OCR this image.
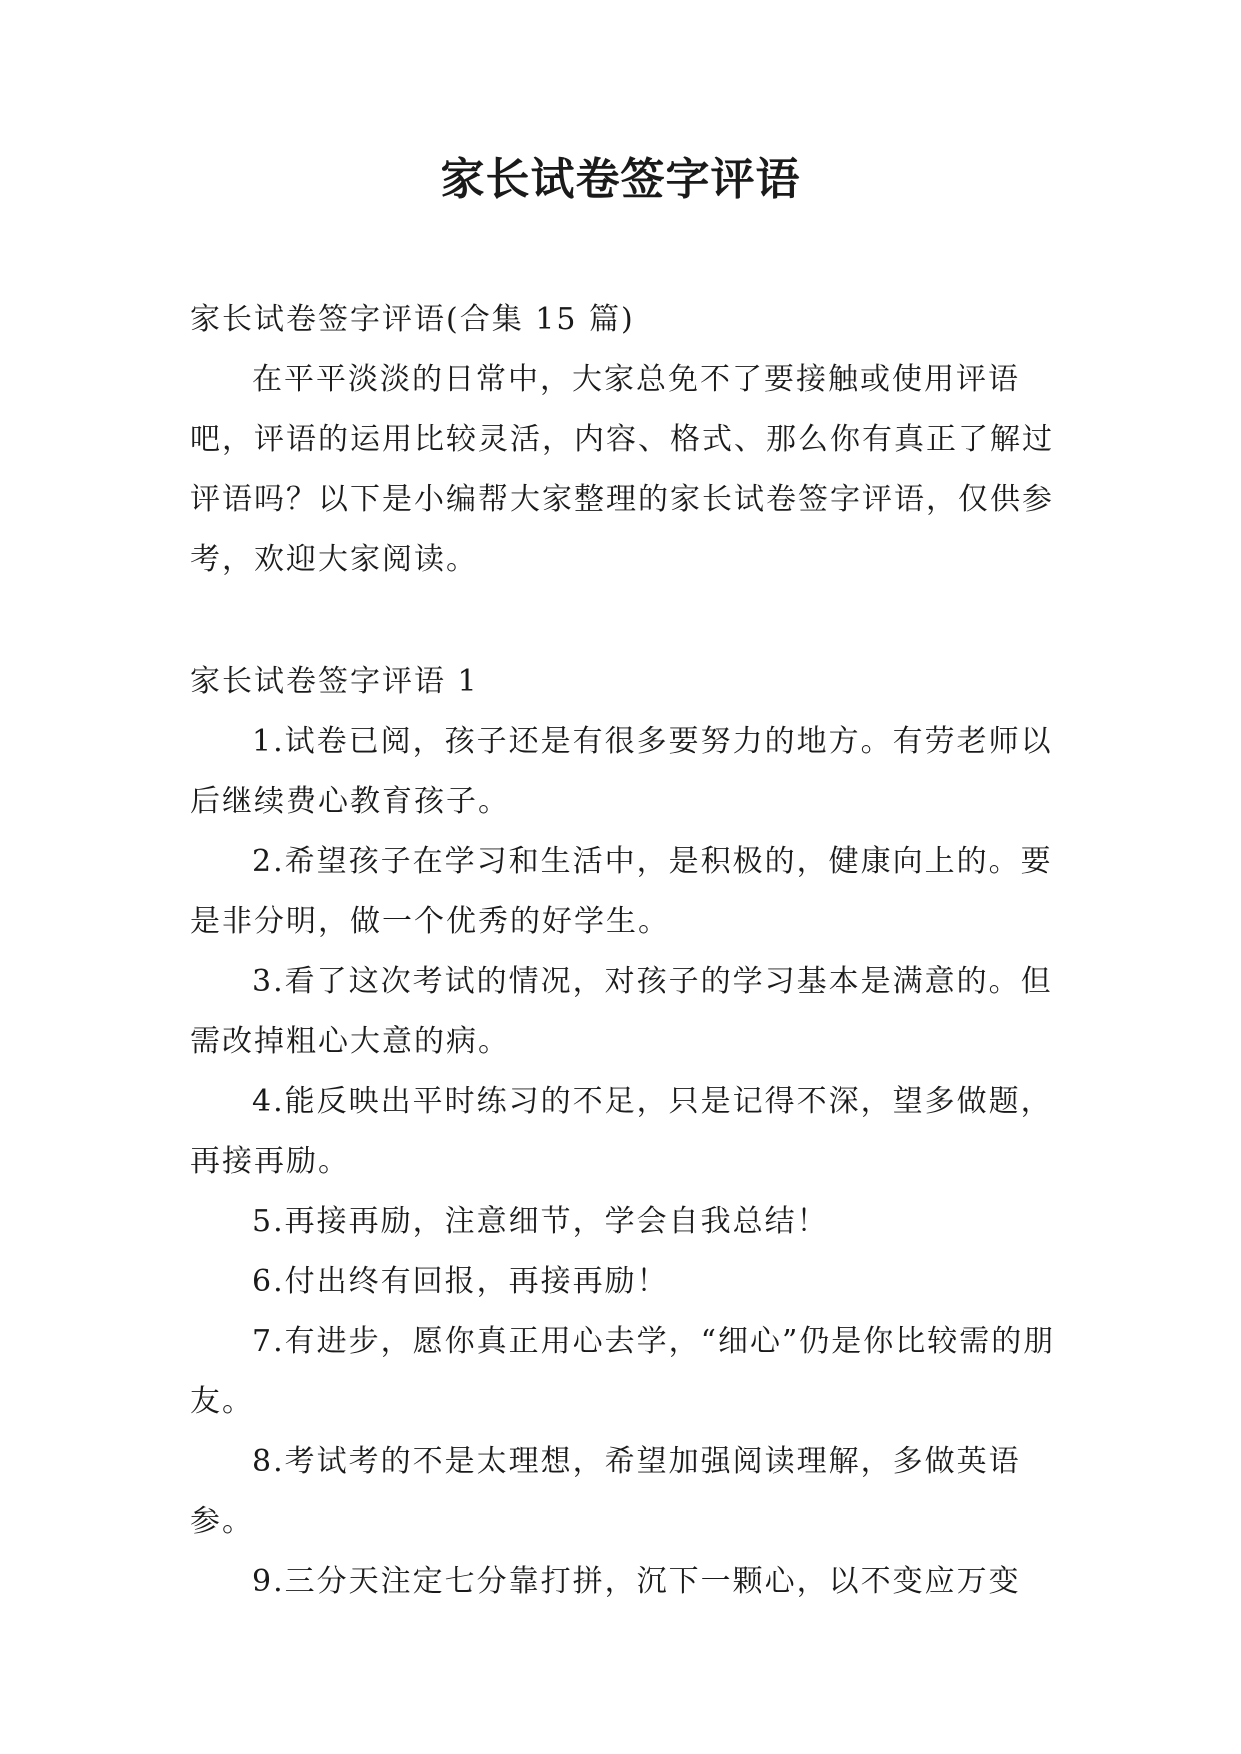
家长试卷签字评语

家长试卷签字评语(合集 15 篇)

在平平淡淡的日常中，大家总免不了要接触或使用评语吧，评语的运用比较灵活，内容、格式、那么你有真正了解过评语吗？以下是小编帮大家整理的家长试卷签字评语，仅供参考，欢迎大家阅读。

家长试卷签字评语 1

1.试卷已阅，孩子还是有很多要努力的地方。有劳老师以后继续费心教育孩子。

2.希望孩子在学习和生活中，是积极的，健康向上的。要是非分明，做一个优秀的好学生。

3.看了这次考试的情况，对孩子的学习基本是满意的。但需改掉粗心大意的病。

4.能反映出平时练习的不足，只是记得不深，望多做题，再接再励。

5.再接再励，注意细节，学会自我总结！

6.付出终有回报，再接再励！

7.有进步，愿你真正用心去学，“细心”仍是你比较需的朋友。

8.考试考的不是太理想，希望加强阅读理解，多做英语参。

9.三分天注定七分靠打拼，沉下一颗心，以不变应万变
